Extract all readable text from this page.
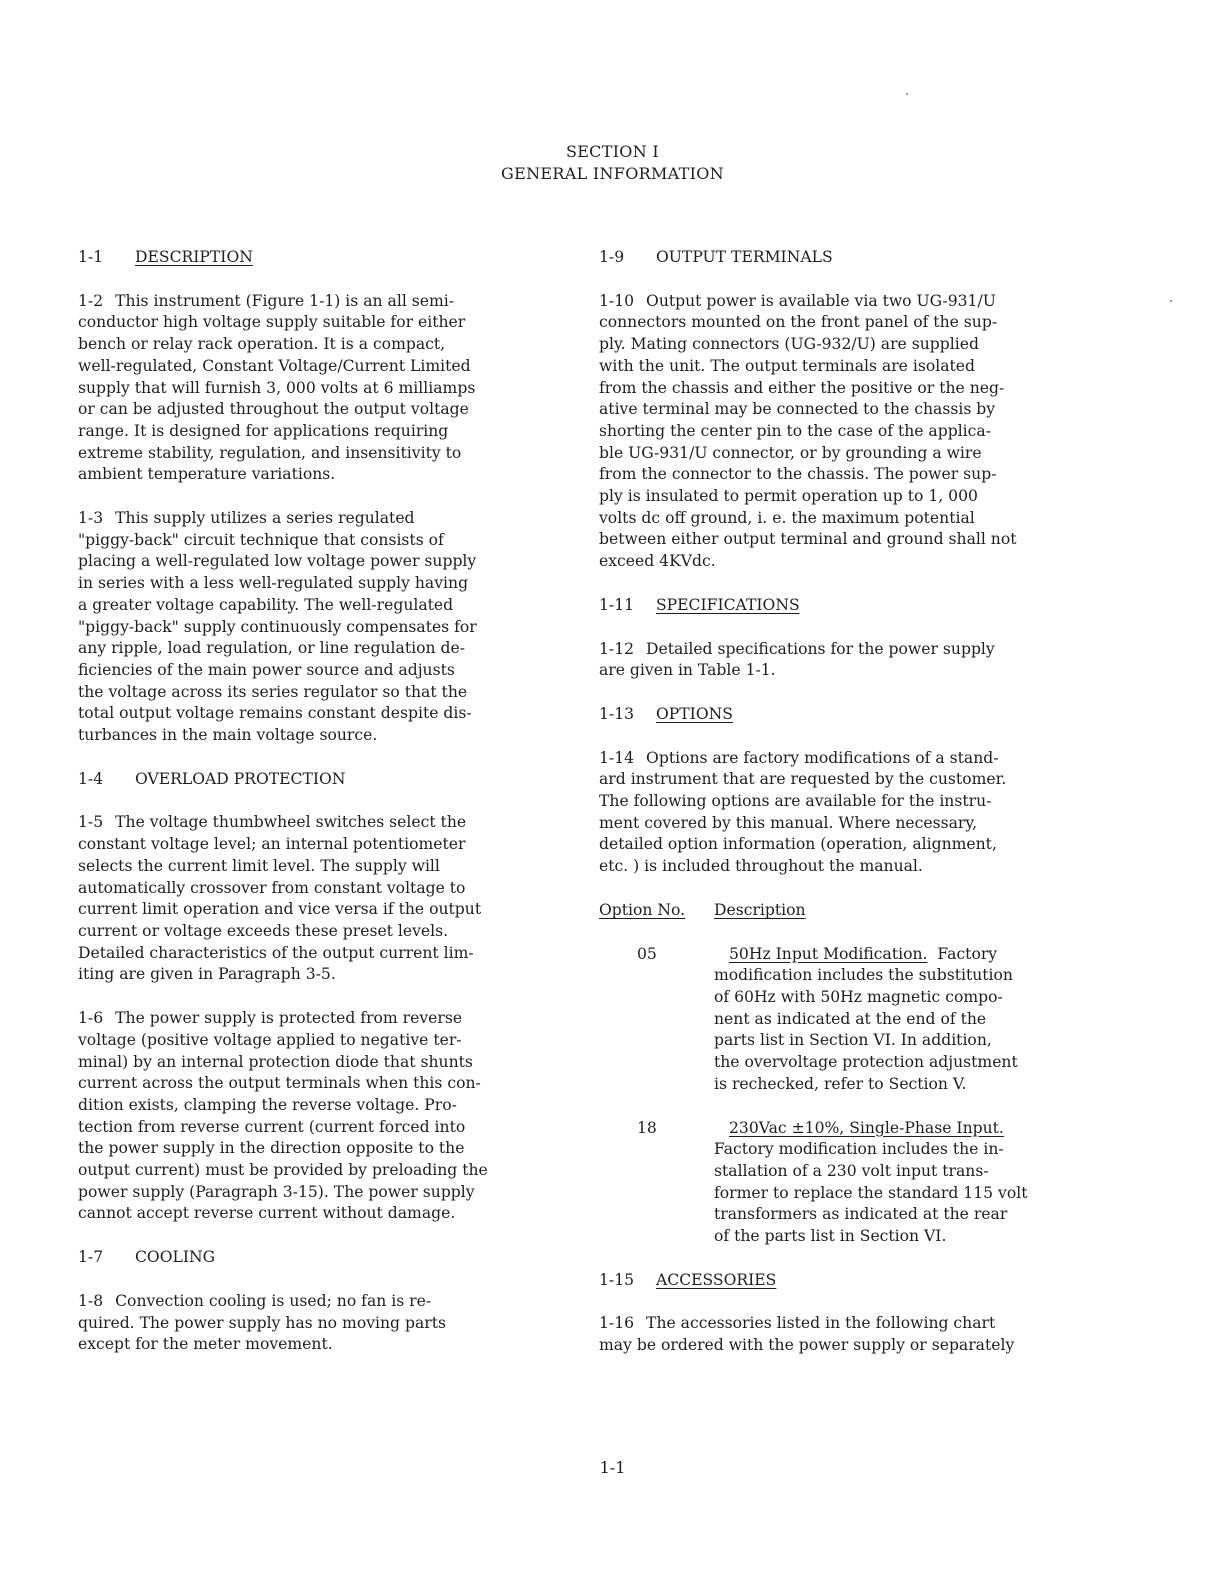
SECTION I
GENERAL INFORMATION
1-1 DESCRIPTION
1-2 This instrument (Figure 1-1) is an all semi-
conductor high voltage supply suitable for either
bench or relay rack operation. It is a compact,
well-regulated, Constant Voltage/Current Limited
supply that will furnish 3, 000 volts at 6 milliamps
or can be adjusted throughout the output voltage
range. It is designed for applications requiring
extreme stability, regulation, and insensitivity to
ambient temperature variations.
1-3 This supply utilizes a series regulated
"piggy-back" circuit technique that consists of
placing a well-regulated low voltage power supply
in series with a less well-regulated supply having
a greater voltage capability. The well-regulated
"piggy-back" supply continuously compensates for
any ripple, load regulation, or line regulation de-
ficiencies of the main power source and adjusts
the voltage across its series regulator so that the
total output voltage remains constant despite dis-
turbances in the main voltage source.
1-4 OVERLOAD PROTECTION
1-5 The voltage thumbwheel switches select the
constant voltage level; an internal potentiometer
selects the current limit level. The supply will
automatically crossover from constant voltage to
current limit operation and vice versa if the output
current or voltage exceeds these preset levels.
Detailed characteristics of the output current lim-
iting are given in Paragraph 3-5.
1-6 The power supply is protected from reverse
voltage (positive voltage applied to negative ter-
minal) by an internal protection diode that shunts
current across the output terminals when this con-
dition exists, clamping the reverse voltage. Pro-
tection from reverse current (current forced into
the power supply in the direction opposite to the
output current) must be provided by preloading the
power supply (Paragraph 3-15). The power supply
cannot accept reverse current without damage.
1-7 COOLING
1-8 Convection cooling is used; no fan is re-
quired. The power supply has no moving parts
except for the meter movement.
1-9 OUTPUT TERMINALS
1-10 Output power is available via two UG-931/U
connectors mounted on the front panel of the sup-
ply. Mating connectors (UG-932/U) are supplied
with the unit. The output terminals are isolated
from the chassis and either the positive or the neg-
ative terminal may be connected to the chassis by
shorting the center pin to the case of the applica-
ble UG-931/U connector, or by grounding a wire
from the connector to the chassis. The power sup-
ply is insulated to permit operation up to 1, 000
volts dc off ground, i. e. the maximum potential
between either output terminal and ground shall not
exceed 4KVdc.
1-11 SPECIFICATIONS
1-12 Detailed specifications for the power supply
are given in Table 1-1.
1-13 OPTIONS
1-14 Options are factory modifications of a stand-
ard instrument that are requested by the customer.
The following options are available for the instru-
ment covered by this manual. Where necessary,
detailed option information (operation, alignment,
etc. ) is included throughout the manual.
Option No. Description
05	50Hz Input Modification.  Factory
modification includes the substitution
of 60Hz with 50Hz magnetic compo-
nent as indicated at the end of the
parts list in Section VI. In addition,
the overvoltage protection adjustment
is rechecked, refer to Section V.
18	230Vac ±10%, Single-Phase Input.
Factory modification includes the in-
stallation of a 230 volt input trans-
former to replace the standard 115 volt
transformers as indicated at the rear
of the parts list in Section VI.
1-15 ACCESSORIES
1-16 The accessories listed in the following chart
may be ordered with the power supply or separately
1-1
